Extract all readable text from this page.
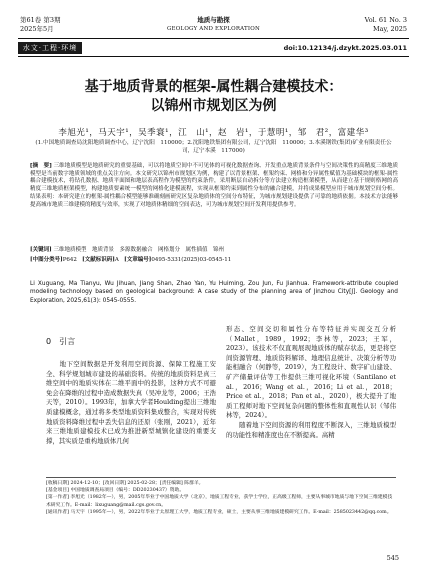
第61卷 第3期
2025年5月
地质与勘探
GEOLOGY AND EXPLORATION
Vol. 61 No. 3
May, 2025
水文·工程·环境	doi:10.12134/j.dzykt.2025.03.011
基于地质背景的框架-属性耦合建模技术：
以锦州市规划区为例
李旭光¹，马天宇¹，吴季寰¹，江　山¹，赵　岩¹，于慧明¹，邹　君²，富建华³
(1.中国地质调查局沈阳地质调查中心，辽宁沈阳　110000；2.沈阳地铁集团有限公司，辽宁沈阳　110000；3.本溪钢铁(集团)矿业有限责任公司，辽宁本溪　117000)
[摘　要] 三维地质模型是地质研究的重要基础，可以将地质空间中不可见体的可视化数据查询、开发重点地质背景条件与空间决策性的高精度三维地质模型是当前数字地质领域的重点关注方向。本文研究以锦州市规划区为例，构建了以背景框架、框架约束、网格和分异属性赋值为基础模块的框架-属性耦合建模技术，将钻孔数据、地质平面图和地层表高程作为模型的约束条件，采用断层自动拆分等方法建立构造框架模型，从而建立基于规则格网的高精度三维地质框架模型，构建地质要素统一模型的网格化建模流程，实现从框架约束到属性分布的融合建模，并将成果模型应用于城市规划空间分析。结果表明：本研究建立的框架-属性耦合模型能够准确刻画研究区复杂地质体的空间分布特征，为城市规划建设提供了可靠的地质依据。本技术方法能够提高城市地质三维建模的精度与效率，实现了对地质体精细的空间表达，可为城市规划空间开发利用提供参考。
[关键词] 三维地质模型　地质背景　多源数据融合　网格划分　属性插值　锦州
[中图分类号]P642 [文献标识码]A [文章编号]0495-5331(2025)03-0545-11
Li Xuguang, Ma Tianyu, Wu Jihuan, Jiang Shan, Zhao Yan, Yu Huiming, Zou Jun, Fu Jianhua. Framework-attribute coupled modeling technology based on geological background: A case study of the planning area of Jinzhou City[J]. Geology and Exploration, 2025,61(3): 0545-0555.
0　引言
　　地下空间数据是开发利用空间资源、保障工程施工安全、科学规划城市建设的基础资料。传统的地质资料是真三维空间中的地质实体在二维平面中的投影，这种方式不可避免会在降维的过程中造成数据失真（吴冲龙等，2006；王浩天等，2010）。1993年，加拿大学者Houlding提出三维地质建模概念，通过将多类型地质资料集成整合，实现对传统地质资料降维过程中丢失信息的还原（张刚，2021），近年来三维地质建模技术已成为推进新型城镇化建设的重要支撑，其实质是重构地质体几何
形态、空间交切和属性分布等特征并实现交互分析（Mallet，1989，1992；李林等，2023；王军，2023）。该技术不仅直观展现地质体的赋存状态，更是将空间资源管理、地质资料解译、地理信息统计、决策分析等功能相融合（何静等，2019），为工程设计、数字矿山建设、矿产储量评估等工作提供三维可视化环境（Santilano et al.，2016；Wang et al.，2016；Li et al.，2018；Price et al.，2018；Pan et al.，2020），极大提升了地质工程师对地下空间复杂问题的整体性和直观性认识（邹伟林等，2024）。
　　随着地下空间资源的利用程度不断深入，三维地质模型的功能性和精准度也在不断提高。高精
[收稿日期] 2024-12-10；[改回日期] 2025-02-28；[责任编辑] 陈群羊。
[基金项目] 中国地质调查局项目（编号：DD20230437）资助。
[第一作者] 李旭光（1982年—），男，2005年毕业于中国地质大学（北京），地质工程专业，获学士学位，正高级工程师，主要从事城市地质与地下空间三维建模技术研究工作。E-mail：lixuguang@mail.cgs.gov.cn。
[通讯作者] 马天宇（1995年—），男，2022年毕业于太原理工大学，地质工程专业，硕士，主要从事三维地质建模研究工作。E-mail：2585023442@qq.com。
545
